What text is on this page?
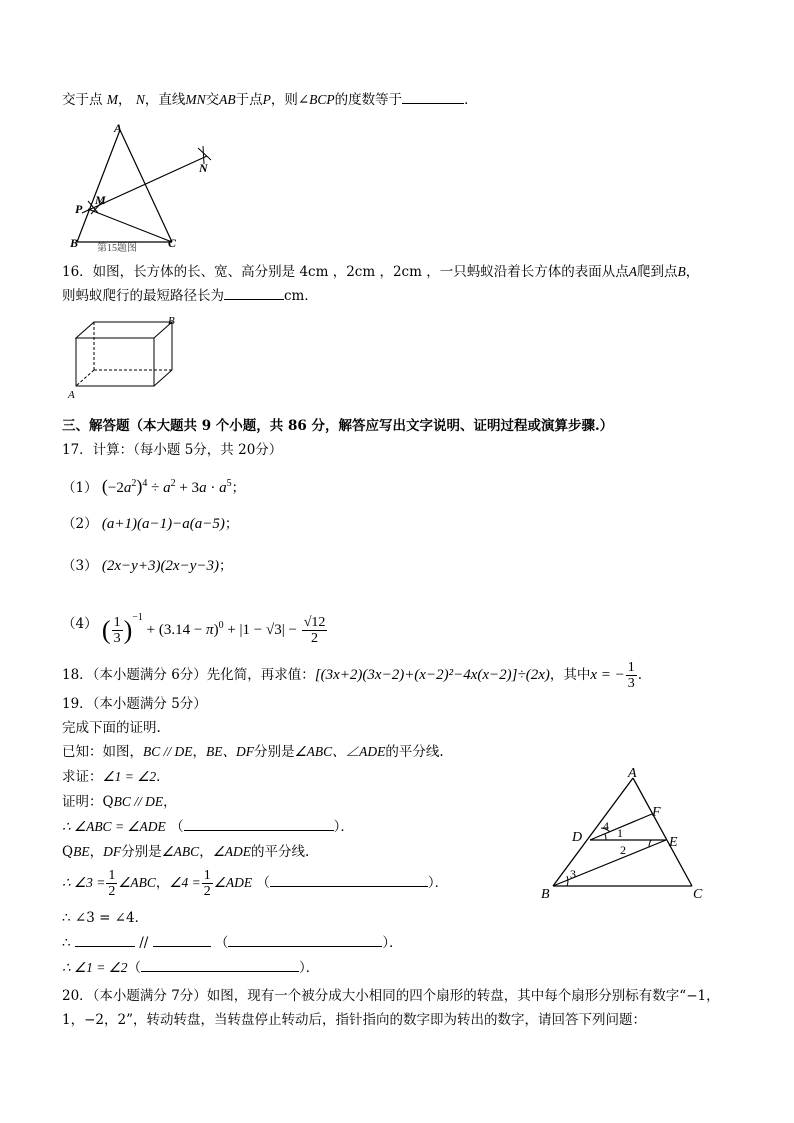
交于点 M， N，直线MN交AB于点P，则∠BCP的度数等于	．
A
B	C
M
N
P
第15题图
16．如图，长方体的长、宽、高分别是 4cm ，2cm ，2cm ，一只蚂蚁沿着长方体的表面从点A爬到点B，
则蚂蚁爬行的最短路径长为	cm．
A
B
三、解答题（本大题共 9 个小题，共 86 分，解答应写出文字说明、证明过程或演算步骤.）
17．计算：（每小题 5分，共 20分）
（1） $(-2a^2)^4 \div a^2 + 3a \cdot a^5$；
（2） (a+1)(a−1)−a(a−5)；
（3） (2x−y+3)(2x−y−3)；
（4） ( $\frac{1}{3} )^{-1} + (3.14 - \pi)^0 + |1 - √3| - \frac{√12}{2}$
18．（本小题满分 6分）先化简，再求值：[(3x+2)(3x−2)+(x−2)²−4x(x−2)]÷(2x)，其中x = − $\frac{1}{3}$ .
19．（本小题满分 5分）
完成下面的证明.
已知：如图，BC // DE，BE、DF分别是∠ABC、∠ADE的平分线.
求证：∠1 = ∠2．
证明：QBC // DE，
∴ ∠ABC = ∠ADE （	）．
QBE，DF分别是∠ABC，∠ADE的平分线.
∴ ∠3 = $\frac{1}{2}$ ∠ABC，∠4 = $\frac{1}{2}$ ∠ADE （	）．
∴ ∠3 = ∠4．
∴	//	（	）．
∴ ∠1 = ∠2（	）．
A
B	C
D	E
F
1
2
3
4
20．（本小题满分 7分）如图，现有一个被分成大小相同的四个扇形的转盘，其中每个扇形分别标有数字“−1，
1，−2，2”，转动转盘，当转盘停止转动后，指针指向的数字即为转出的数字，请回答下列问题：
